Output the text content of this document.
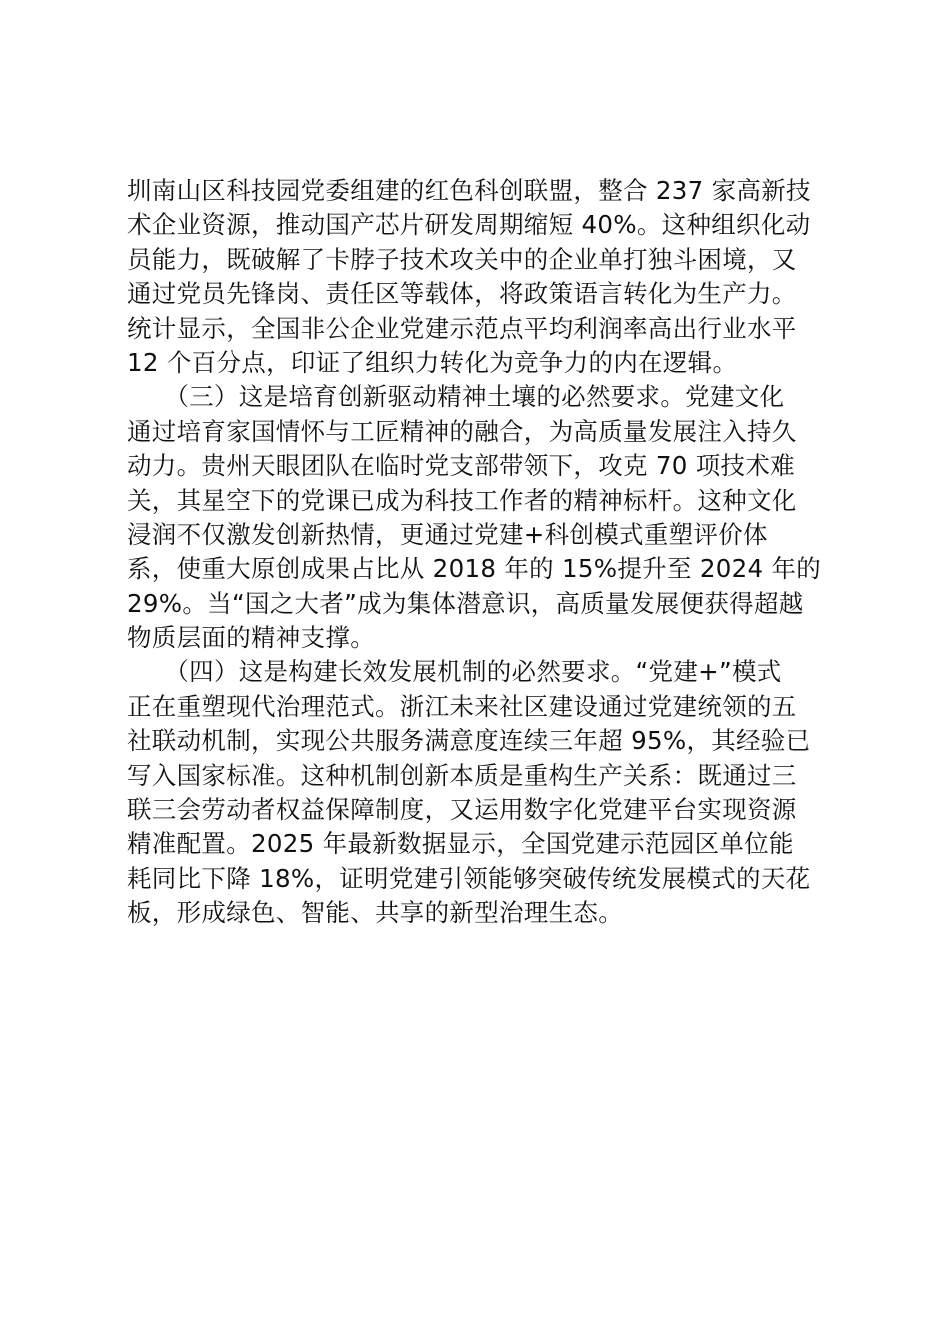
圳南山区科技园党委组建的红色科创联盟，整合 237 家高新技
术企业资源，推动国产芯片研发周期缩短 40%。这种组织化动
员能力，既破解了卡脖子技术攻关中的企业单打独斗困境，又
通过党员先锋岗、责任区等载体，将政策语言转化为生产力。
统计显示，全国非公企业党建示范点平均利润率高出行业水平
12 个百分点，印证了组织力转化为竞争力的内在逻辑。
　　（三）这是培育创新驱动精神土壤的必然要求。党建文化
通过培育家国情怀与工匠精神的融合，为高质量发展注入持久
动力。贵州天眼团队在临时党支部带领下，攻克 70 项技术难
关，其星空下的党课已成为科技工作者的精神标杆。这种文化
浸润不仅激发创新热情，更通过党建+科创模式重塑评价体
系，使重大原创成果占比从 2018 年的 15%提升至 2024 年的
29%。当“国之大者”成为集体潜意识，高质量发展便获得超越
物质层面的精神支撑。
　　（四）这是构建长效发展机制的必然要求。“党建+”模式
正在重塑现代治理范式。浙江未来社区建设通过党建统领的五
社联动机制，实现公共服务满意度连续三年超 95%，其经验已
写入国家标准。这种机制创新本质是重构生产关系：既通过三
联三会劳动者权益保障制度，又运用数字化党建平台实现资源
精准配置。2025 年最新数据显示，全国党建示范园区单位能
耗同比下降 18%，证明党建引领能够突破传统发展模式的天花
板，形成绿色、智能、共享的新型治理生态。
